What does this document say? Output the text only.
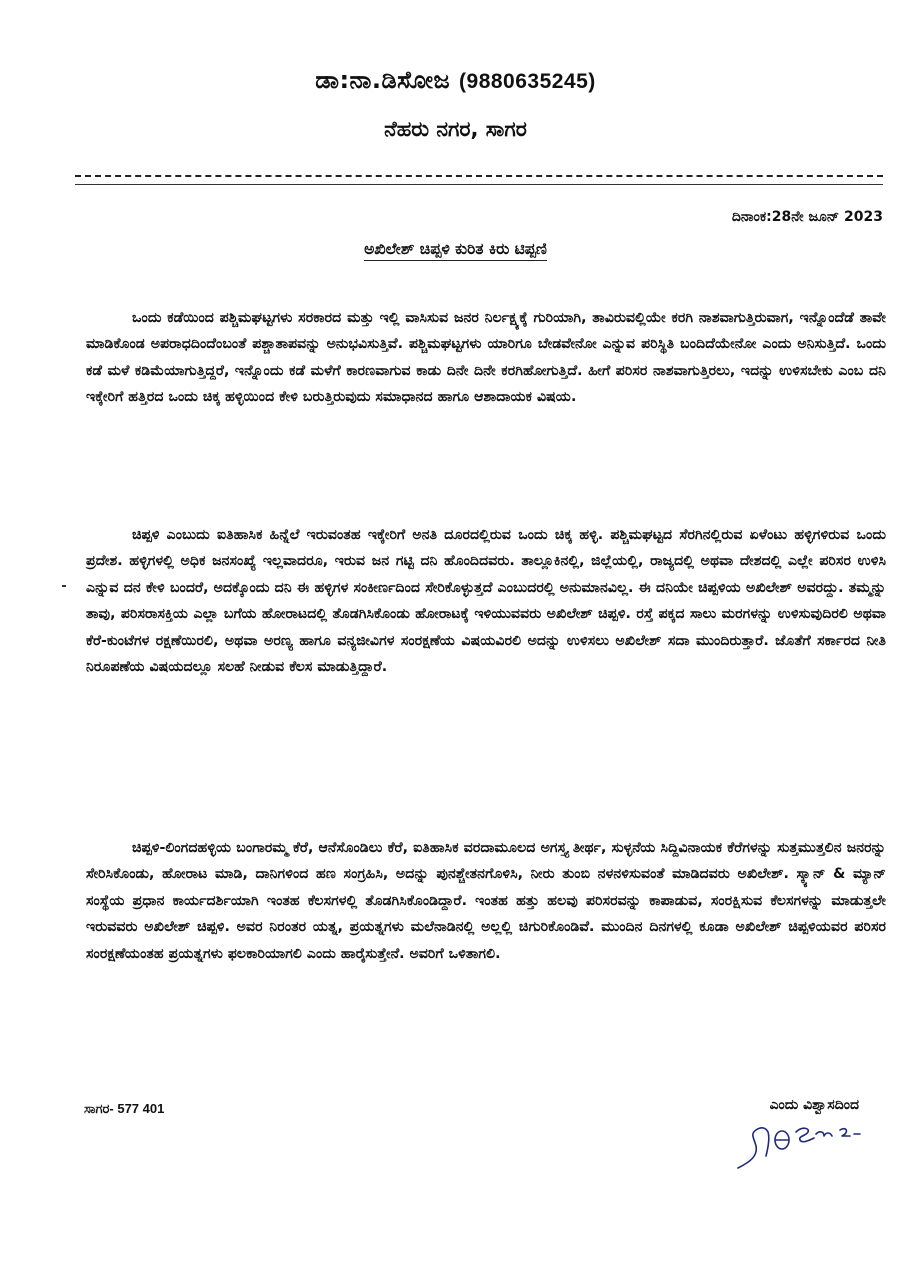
ಡಾ:ನಾ.ಡಿಸೋಜ (9880635245)
ನೆಹರು ನಗರ, ಸಾಗರ
ದಿನಾಂಕ:28ನೇ ಜೂನ್ 2023
ಅಖಿಲೇಶ್ ಚಿಪ್ಪಳಿ ಕುರಿತ ಕಿರು ಟಿಪ್ಪಣಿ

ಒಂದು ಕಡೆಯಿಂದ ಪಶ್ಚಿಮಘಟ್ಟಗಳು ಸರಕಾರದ ಮತ್ತು ಇಲ್ಲಿ ವಾಸಿಸುವ ಜನರ ನಿರ್ಲಕ್ಷ್ಯಕ್ಕೆ ಗುರಿಯಾಗಿ, ತಾವಿರುವಲ್ಲಿಯೇ ಕರಗಿ ನಾಶವಾಗುತ್ತಿರುವಾಗ, ಇನ್ನೊಂದೆಡೆ ತಾವೇ ಮಾಡಿಕೊಂಡ ಅಪರಾಧದಿಂದೆಂಬಂತೆ ಪಶ್ಚಾತಾಪವನ್ನು ಅನುಭವಿಸುತ್ತಿವೆ. ಪಶ್ಚಿಮಘಟ್ಟಗಳು ಯಾರಿಗೂ ಬೇಡವೇನೋ ಎನ್ನುವ ಪರಿಸ್ಥಿತಿ ಬಂದಿದೆಯೇನೋ ಎಂದು ಅನಿಸುತ್ತಿದೆ. ಒಂದು ಕಡೆ ಮಳೆ ಕಡಿಮೆಯಾಗುತ್ತಿದ್ದರೆ, ಇನ್ನೊಂದು ಕಡೆ ಮಳೆಗೆ ಕಾರಣವಾಗುವ ಕಾಡು ದಿನೇ ದಿನೇ ಕರಗಿಹೋಗುತ್ತಿದೆ. ಹೀಗೆ ಪರಿಸರ ನಾಶವಾಗುತ್ತಿರಲು, ಇದನ್ನು ಉಳಿಸಬೇಕು ಎಂಬ ದನಿ ಇಕ್ಕೇರಿಗೆ ಹತ್ತಿರದ ಒಂದು ಚಿಕ್ಕ ಹಳ್ಳಿಯಿಂದ ಕೇಳಿ ಬರುತ್ತಿರುವುದು ಸಮಾಧಾನದ ಹಾಗೂ ಆಶಾದಾಯಕ ವಿಷಯ.

ಚಿಪ್ಪಳಿ ಎಂಬುದು ಐತಿಹಾಸಿಕ ಹಿನ್ನೆಲೆ ಇರುವಂತಹ ಇಕ್ಕೇರಿಗೆ ಅನತಿ ದೂರದಲ್ಲಿರುವ ಒಂದು ಚಿಕ್ಕ ಹಳ್ಳಿ. ಪಶ್ಚಿಮಘಟ್ಟದ ಸೆರಗಿನಲ್ಲಿರುವ ಏಳೆಂಟು ಹಳ್ಳಿಗಳಿರುವ ಒಂದು ಪ್ರದೇಶ. ಹಳ್ಳಿಗಳಲ್ಲಿ ಅಧಿಕ ಜನಸಂಖ್ಯೆ ಇಲ್ಲವಾದರೂ, ಇರುವ ಜನ ಗಟ್ಟಿ ದನಿ ಹೊಂದಿದವರು. ತಾಲ್ಲೂಕಿನಲ್ಲಿ, ಜಿಲ್ಲೆಯಲ್ಲಿ, ರಾಜ್ಯದಲ್ಲಿ ಅಥವಾ ದೇಶದಲ್ಲಿ ಎಲ್ಲೇ ಪರಿಸರ ಉಳಿಸಿ ಎನ್ನುವ ದನ ಕೇಳಿ ಬಂದರೆ, ಅದಕ್ಕೊಂದು ದನಿ ಈ ಹಳ್ಳಿಗಳ ಸಂಕೀರ್ಣದಿಂದ ಸೇರಿಕೊಳ್ಳುತ್ತದೆ ಎಂಬುದರಲ್ಲಿ ಅನುಮಾನವಿಲ್ಲ. ಈ ದನಿಯೇ ಚಿಪ್ಪಳಿಯ ಅಖಿಲೇಶ್ ಅವರದ್ದು. ತಮ್ಮನ್ನು ತಾವು, ಪರಿಸರಾಸಕ್ತಿಯ ಎಲ್ಲಾ ಬಗೆಯ ಹೋರಾಟದಲ್ಲಿ ತೊಡಗಿಸಿಕೊಂಡು ಹೋರಾಟಕ್ಕೆ ಇಳಿಯುವವರು ಅಖಿಲೇಶ್ ಚಿಪ್ಪಳಿ. ರಸ್ತೆ ಪಕ್ಕದ ಸಾಲು ಮರಗಳನ್ನು ಉಳಿಸುವುದಿರಲಿ ಅಥವಾ ಕೆರೆ-ಕುಂಟೆಗಳ ರಕ್ಷಣೆಯಿರಲಿ, ಅಥವಾ ಅರಣ್ಯ ಹಾಗೂ ವನ್ಯಜೀವಿಗಳ ಸಂರಕ್ಷಣೆಯ ವಿಷಯವಿರಲಿ ಅದನ್ನು ಉಳಿಸಲು ಅಖಿಲೇಶ್ ಸದಾ ಮುಂದಿರುತ್ತಾರೆ. ಜೊತೆಗೆ ಸರ್ಕಾರದ ನೀತಿ ನಿರೂಪಣೆಯ ವಿಷಯದಲ್ಲೂ ಸಲಹೆ ನೀಡುವ ಕೆಲಸ ಮಾಡುತ್ತಿದ್ದಾರೆ.

ಚಿಪ್ಪಳಿ-ಲಿಂಗದಹಳ್ಳಿಯ ಬಂಗಾರಮ್ಮ ಕೆರೆ, ಆನೆಸೊಂಡಿಲು ಕೆರೆ, ಐತಿಹಾಸಿಕ ವರದಾಮೂಲದ ಅಗಸ್ತ್ಯ ತೀರ್ಥ, ಸುಳ್ಳನೆಯ ಸಿದ್ದಿವಿನಾಯಕ ಕೆರೆಗಳನ್ನು ಸುತ್ತಮುತ್ತಲಿನ ಜನರನ್ನು ಸೇರಿಸಿಕೊಂಡು, ಹೋರಾಟ ಮಾಡಿ, ದಾನಿಗಳಿಂದ ಹಣ ಸಂಗ್ರಹಿಸಿ, ಅದನ್ನು ಪುನಶ್ಚೇತನಗೊಳಿಸಿ, ನೀರು ತುಂಬಿ ನಳನಳಿಸುವಂತೆ ಮಾಡಿದವರು ಅಖಿಲೇಶ್. ಸ್ಕ್ಯಾನ್ & ಮ್ಯಾನ್ ಸಂಸ್ಥೆಯ ಪ್ರಧಾನ ಕಾರ್ಯದರ್ಶಿಯಾಗಿ ಇಂತಹ ಕೆಲಸಗಳಲ್ಲಿ ತೊಡಗಿಸಿಕೊಂಡಿದ್ದಾರೆ. ಇಂತಹ ಹತ್ತು ಹಲವು ಪರಿಸರವನ್ನು ಕಾಪಾಡುವ, ಸಂರಕ್ಷಿಸುವ ಕೆಲಸಗಳನ್ನು ಮಾಡುತ್ತಲೇ ಇರುವವರು ಅಖಿಲೇಶ್ ಚಿಪ್ಪಳಿ. ಅವರ ನಿರಂತರ ಯತ್ನ, ಪ್ರಯತ್ನಗಳು ಮಲೆನಾಡಿನಲ್ಲಿ ಅಲ್ಲಲ್ಲಿ ಚಿಗುರಿಕೊಂಡಿವೆ. ಮುಂದಿನ ದಿನಗಳಲ್ಲಿ ಕೂಡಾ ಅಖಿಲೇಶ್ ಚಿಪ್ಪಳಿಯವರ ಪರಿಸರ ಸಂರಕ್ಷಣೆಯಂತಹ ಪ್ರಯತ್ನಗಳು ಫಲಕಾರಿಯಾಗಲಿ ಎಂದು ಹಾರೈಸುತ್ತೇನೆ. ಅವರಿಗೆ ಒಳಿತಾಗಲಿ.

ಸಾಗರ- 577 401	ಎಂದು ವಿಶ್ವಾಸದಿಂದ
